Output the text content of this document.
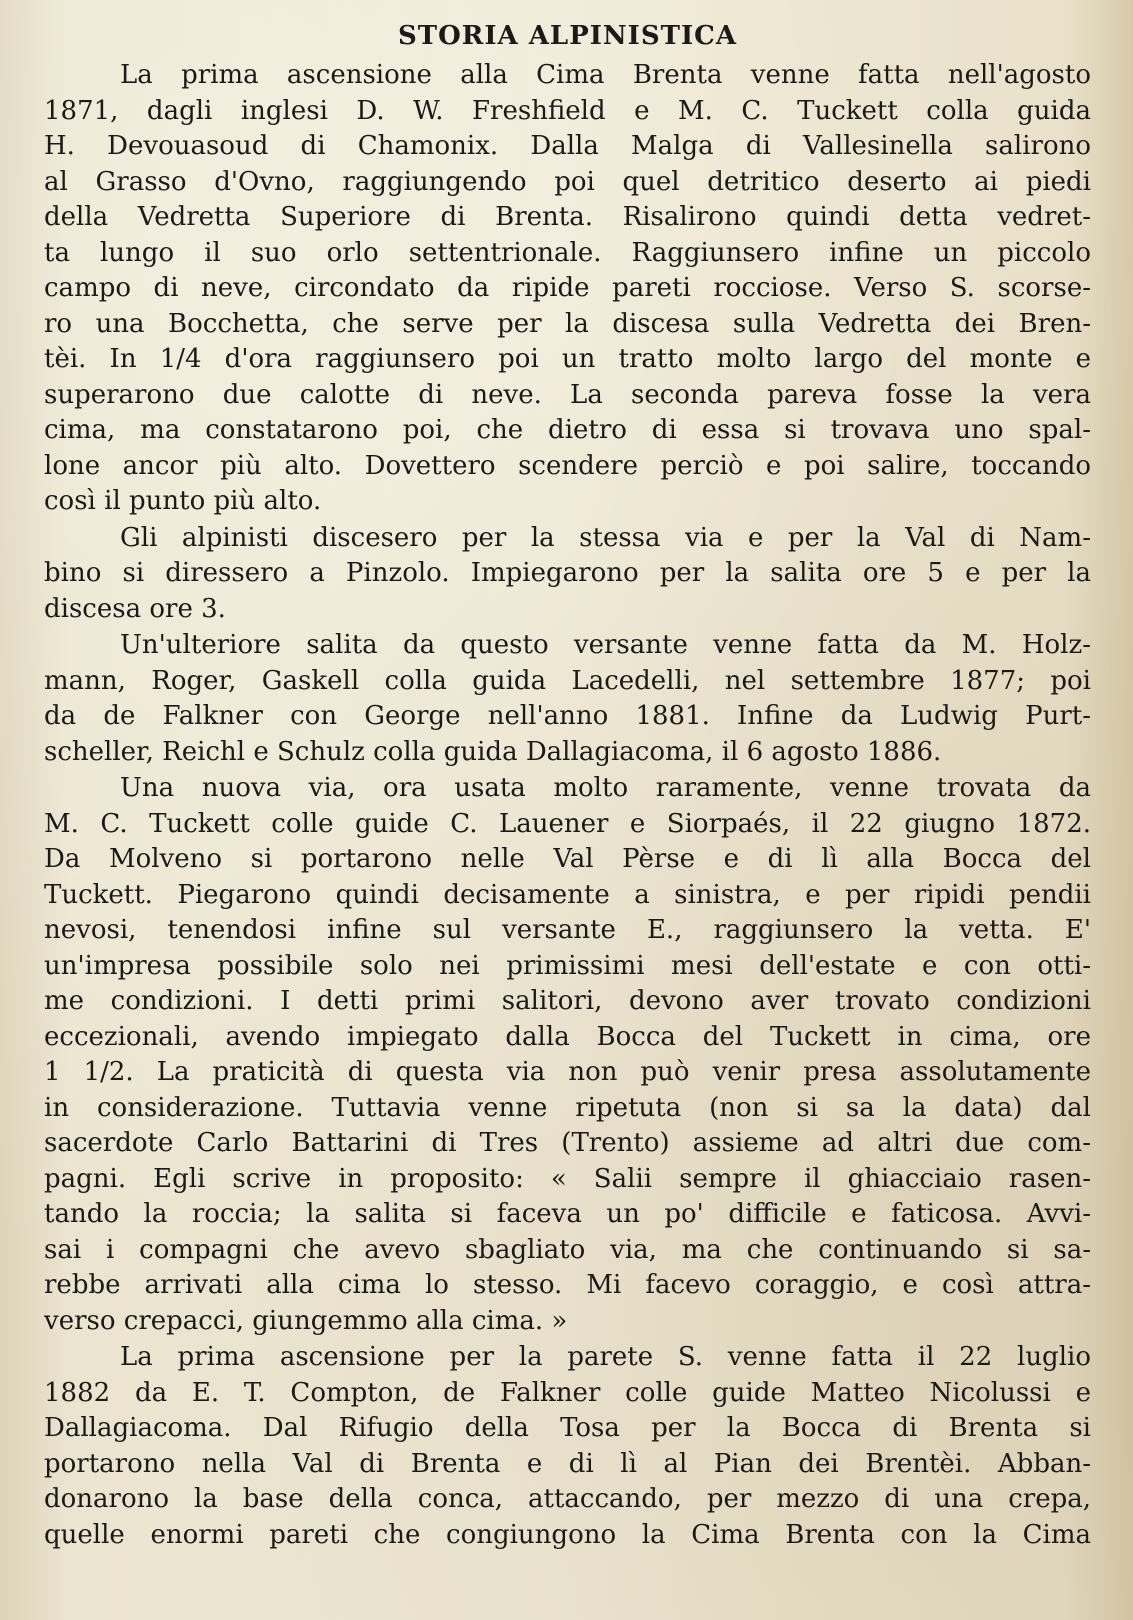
STORIA ALPINISTICA
La prima ascensione alla Cima Brenta venne fatta nell'agosto
1871, dagli inglesi D. W. Freshfield e M. C. Tuckett colla guida
H. Devouasoud di Chamonix. Dalla Malga di Vallesinella salirono
al Grasso d'Ovno, raggiungendo poi quel detritico deserto ai piedi
della Vedretta Superiore di Brenta. Risalirono quindi detta vedret-
ta lungo il suo orlo settentrionale. Raggiunsero infine un piccolo
campo di neve, circondato da ripide pareti rocciose. Verso S. scorse-
ro una Bocchetta, che serve per la discesa sulla Vedretta dei Bren-
tèi. In 1/4 d'ora raggiunsero poi un tratto molto largo del monte e
superarono due calotte di neve. La seconda pareva fosse la vera
cima, ma constatarono poi, che dietro di essa si trovava uno spal-
lone ancor più alto. Dovettero scendere perciò e poi salire, toccando
così il punto più alto.
Gli alpinisti discesero per la stessa via e per la Val di Nam-
bino si diressero a Pinzolo. Impiegarono per la salita ore 5 e per la
discesa ore 3.
Un'ulteriore salita da questo versante venne fatta da M. Holz-
mann, Roger, Gaskell colla guida Lacedelli, nel settembre 1877; poi
da de Falkner con George nell'anno 1881. Infine da Ludwig Purt-
scheller, Reichl e Schulz colla guida Dallagiacoma, il 6 agosto 1886.
Una nuova via, ora usata molto raramente, venne trovata da
M. C. Tuckett colle guide C. Lauener e Siorpaés, il 22 giugno 1872.
Da Molveno si portarono nelle Val Pèrse e di lì alla Bocca del
Tuckett. Piegarono quindi decisamente a sinistra, e per ripidi pendii
nevosi, tenendosi infine sul versante E., raggiunsero la vetta. E'
un'impresa possibile solo nei primissimi mesi dell'estate e con otti-
me condizioni. I detti primi salitori, devono aver trovato condizioni
eccezionali, avendo impiegato dalla Bocca del Tuckett in cima, ore
1 1/2. La praticità di questa via non può venir presa assolutamente
in considerazione. Tuttavia venne ripetuta (non si sa la data) dal
sacerdote Carlo Battarini di Tres (Trento) assieme ad altri due com-
pagni. Egli scrive in proposito: « Salii sempre il ghiacciaio rasen-
tando la roccia; la salita si faceva un po' difficile e faticosa. Avvi-
sai i compagni che avevo sbagliato via, ma che continuando si sa-
rebbe arrivati alla cima lo stesso. Mi facevo coraggio, e così attra-
verso crepacci, giungemmo alla cima. »
La prima ascensione per la parete S. venne fatta il 22 luglio
1882 da E. T. Compton, de Falkner colle guide Matteo Nicolussi e
Dallagiacoma. Dal Rifugio della Tosa per la Bocca di Brenta si
portarono nella Val di Brenta e di lì al Pian dei Brentèi. Abban-
donarono la base della conca, attaccando, per mezzo di una crepa,
quelle enormi pareti che congiungono la Cima Brenta con la Cima
